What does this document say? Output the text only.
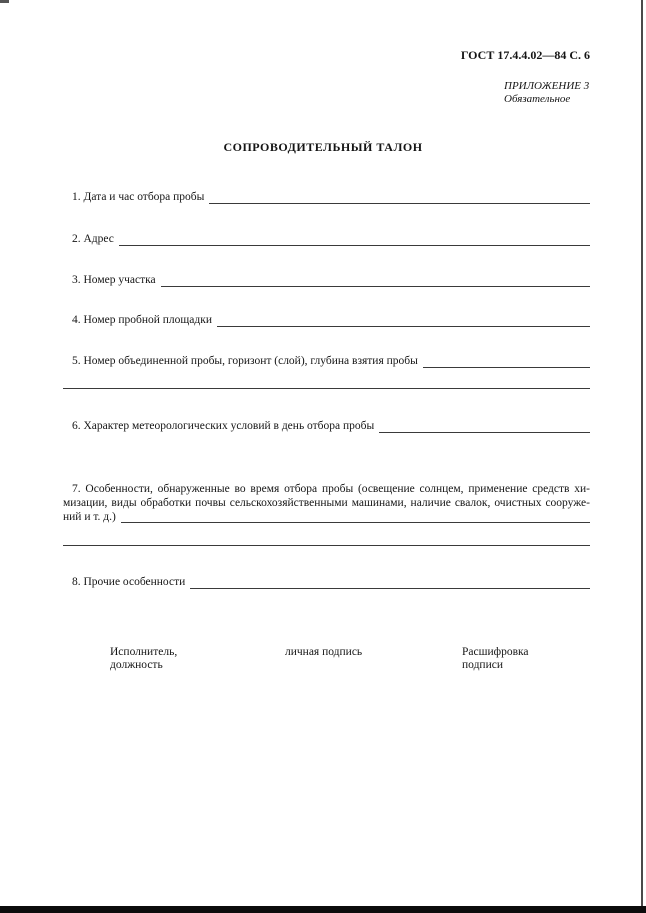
ГОСТ 17.4.4.02—84 С. 6
ПРИЛОЖЕНИЕ 3
Обязательное
СОПРОВОДИТЕЛЬНЫЙ ТАЛОН
1. Дата и час отбора пробы
2. Адрес
3. Номер участка
4. Номер пробной площадки
5. Номер объединенной пробы, горизонт (слой), глубина взятия пробы
6. Характер метеорологических условий в день отбора пробы
7. Особенности, обнаруженные во время отбора пробы (освещение солнцем, применение средств хи-
мизации, виды обработки почвы сельскохозяйственными машинами, наличие свалок, очистных сооруже-
ний и т. д.)
8. Прочие особенности
Исполнитель,
должность
личная подпись	Расшифровка
подписи
